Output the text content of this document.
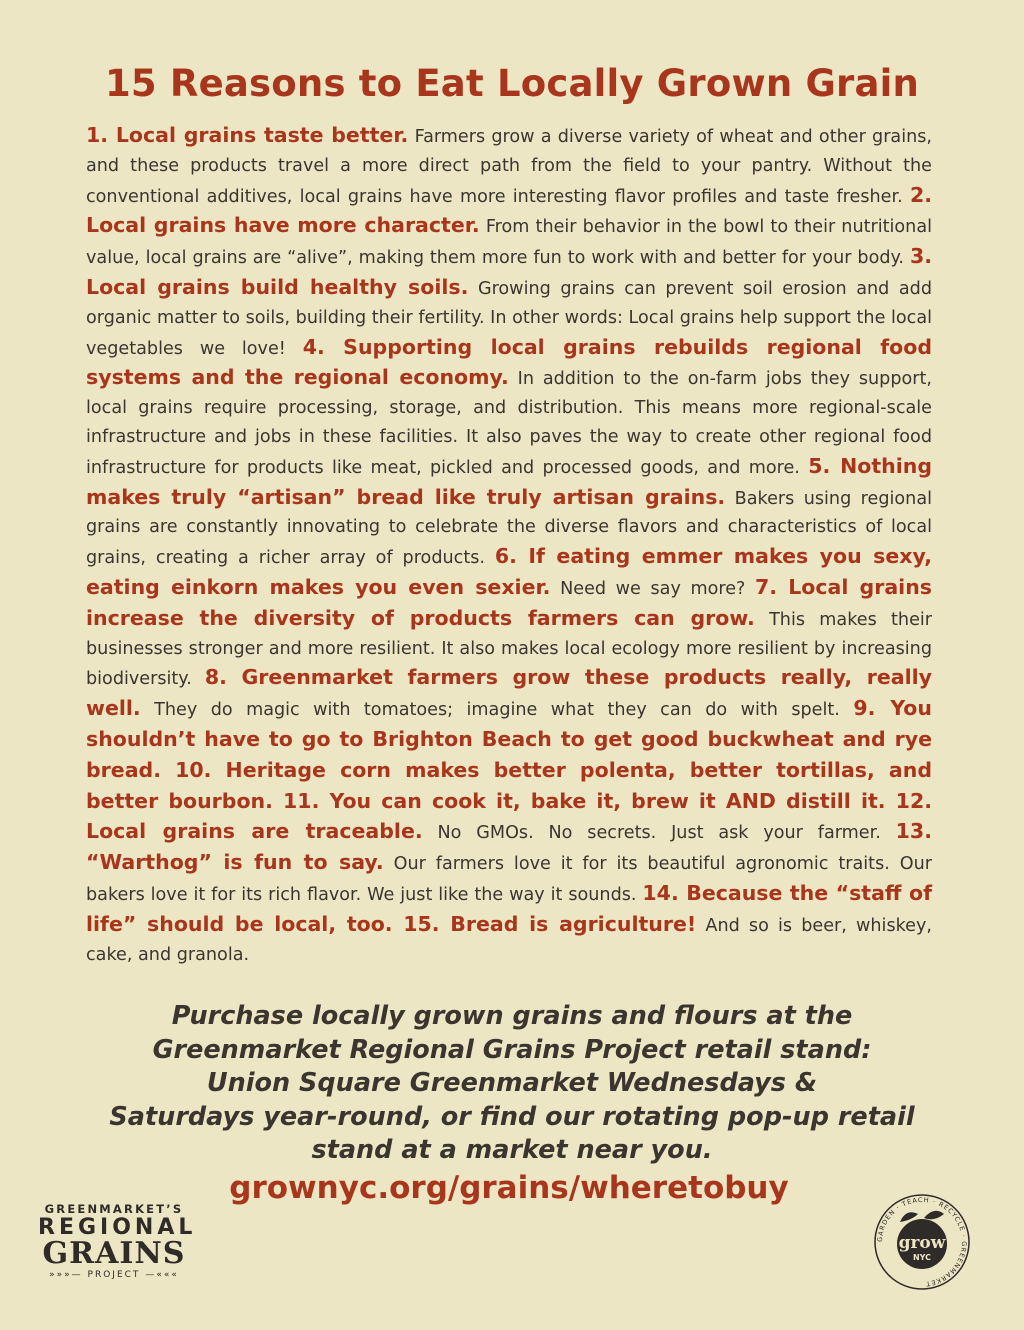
15 Reasons to Eat Locally Grown Grain
1. Local grains taste better. Farmers grow a diverse variety of wheat and other grains, and these products travel a more direct path from the field to your pantry. Without the conventional additives, local grains have more interesting flavor profiles and taste fresher. 2. Local grains have more character. From their behavior in the bowl to their nutritional value, local grains are “alive”, making them more fun to work with and better for your body. 3. Local grains build healthy soils. Growing grains can prevent soil erosion and add organic matter to soils, building their fertility. In other words: Local grains help support the local vegetables we love! 4. Supporting local grains rebuilds regional food systems and the regional economy. In addition to the on-farm jobs they support, local grains require processing, storage, and distribution. This means more regional-scale infrastructure and jobs in these facilities. It also paves the way to create other regional food infrastructure for products like meat, pickled and processed goods, and more. 5. Nothing makes truly “artisan” bread like truly artisan grains. Bakers using regional grains are constantly innovating to celebrate the diverse flavors and characteristics of local grains, creating a richer array of products. 6. If eating emmer makes you sexy, eating einkorn makes you even sexier. Need we say more? 7. Local grains increase the diversity of products farmers can grow. This makes their businesses stronger and more resilient. It also makes local ecology more resilient by increasing biodiversity. 8. Greenmarket farmers grow these products really, really well. They do magic with tomatoes; imagine what they can do with spelt. 9. You shouldn’t have to go to Brighton Beach to get good buckwheat and rye bread. 10. Heritage corn makes better polenta, better tortillas, and better bourbon. 11. You can cook it, bake it, brew it AND distill it. 12. Local grains are traceable. No GMOs. No secrets. Just ask your farmer. 13. “Warthog” is fun to say. Our farmers love it for its beautiful agronomic traits. Our bakers love it for its rich flavor. We just like the way it sounds. 14. Because the “staff of life” should be local, too. 15. Bread is agriculture! And so is beer, whiskey, cake, and granola.
Purchase locally grown grains and flours at the
Greenmarket Regional Grains Project retail stand:
Union Square Greenmarket Wednesdays &
Saturdays year-round, or find our rotating pop-up retail
stand at a market near you.
grownyc.org/grains/wheretobuy
GREENMARKET’S
REGIONAL
GRAINS
»»»— PROJECT —«««
grow
NYC
GARDEN · TEACH · RECYCLE · GREENMARKET
